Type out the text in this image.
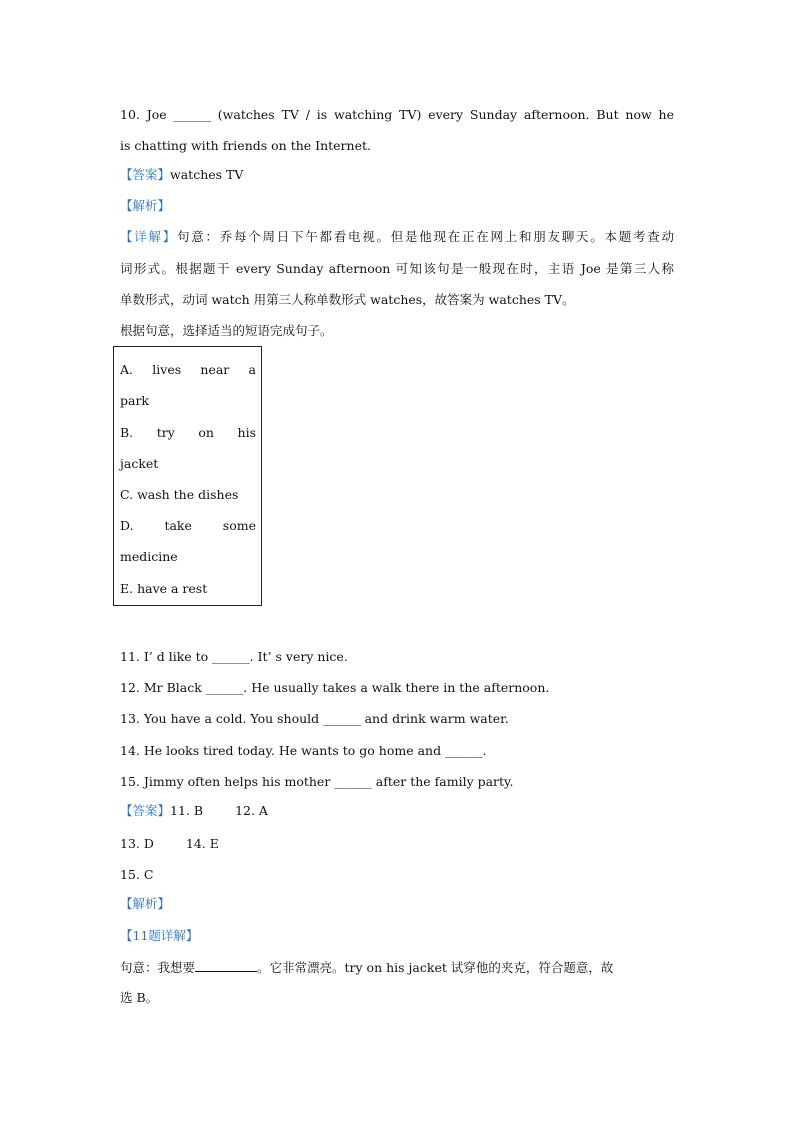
10. Joe ______ (watches TV / is watching TV) every Sunday afternoon. But now he
is chatting with friends on the Internet.
【答案】watches TV
【解析】
【详解】句意：乔每个周日下午都看电视。但是他现在正在网上和朋友聊天。本题考查动
词形式。根据题干 every Sunday afternoon 可知该句是一般现在时，主语 Joe 是第三人称
单数形式，动词 watch 用第三人称单数形式 watches，故答案为 watches TV。
根据句意，选择适当的短语完成句子。
A.  lives  near  a
park
B.   try   on   his
jacket
C. wash the dishes
D.    take    some
medicine
E. have a rest
11. I’ d like to ______. It’ s very nice.
12. Mr Black ______. He usually takes a walk there in the afternoon.
13. You have a cold. You should ______ and drink warm water.
14. He looks tired today. He wants to go home and ______.
15. Jimmy often helps his mother ______ after the family party.
【答案】11. B	12. A
13. D	14. E
15. C
【解析】
【11题详解】
句意：我想要	。它非常漂亮。try on his jacket 试穿他的夹克，符合题意，故
选 B。
